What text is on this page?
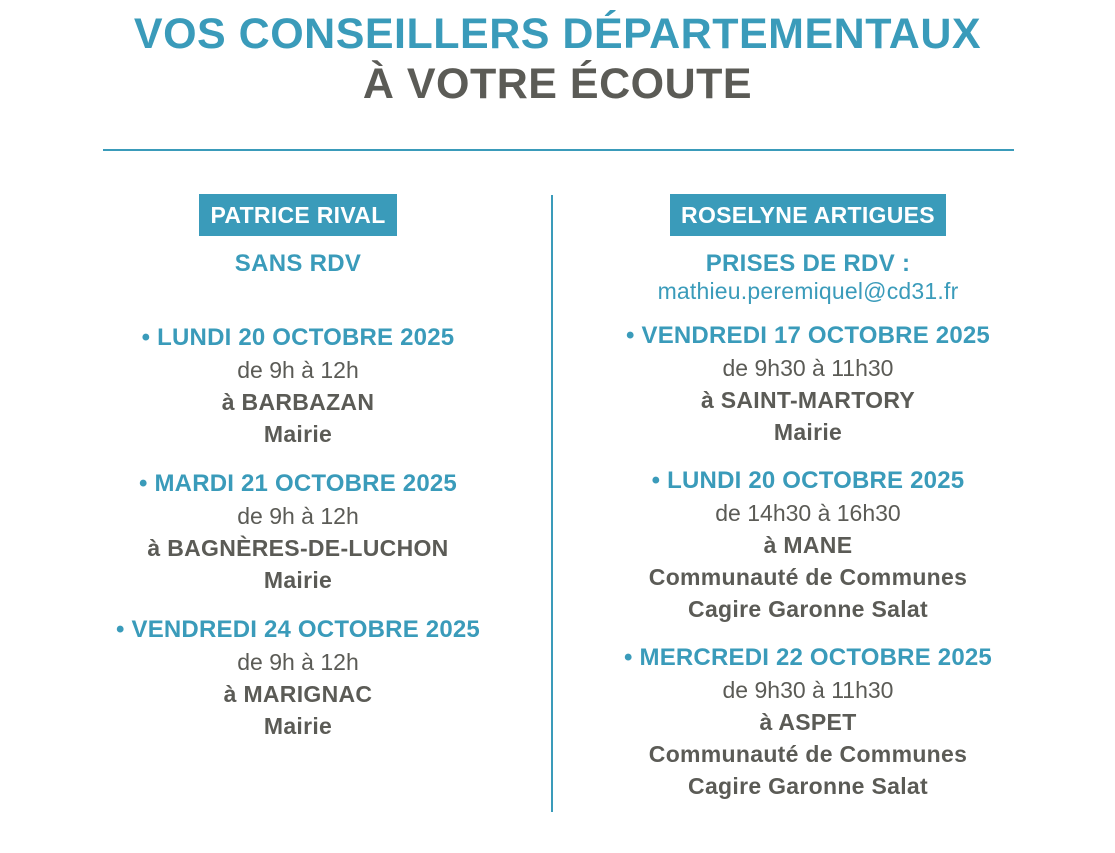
VOS CONSEILLERS DÉPARTEMENTAUX
À VOTRE ÉCOUTE
PATRICE RIVAL
SANS RDV
• LUNDI 20 OCTOBRE 2025
de 9h à 12h
à BARBAZAN
Mairie
• MARDI 21 OCTOBRE 2025
de 9h à 12h
à BAGNÈRES-DE-LUCHON
Mairie
• VENDREDI 24 OCTOBRE 2025
de 9h à 12h
à MARIGNAC
Mairie
ROSELYNE ARTIGUES
PRISES DE RDV :
mathieu.peremiquel@cd31.fr
• VENDREDI 17 OCTOBRE 2025
de 9h30 à 11h30
à SAINT-MARTORY
Mairie
• LUNDI 20 OCTOBRE 2025
de 14h30 à 16h30
à MANE
Communauté de Communes
Cagire Garonne Salat
• MERCREDI 22 OCTOBRE 2025
de 9h30 à 11h30
à ASPET
Communauté de Communes
Cagire Garonne Salat
